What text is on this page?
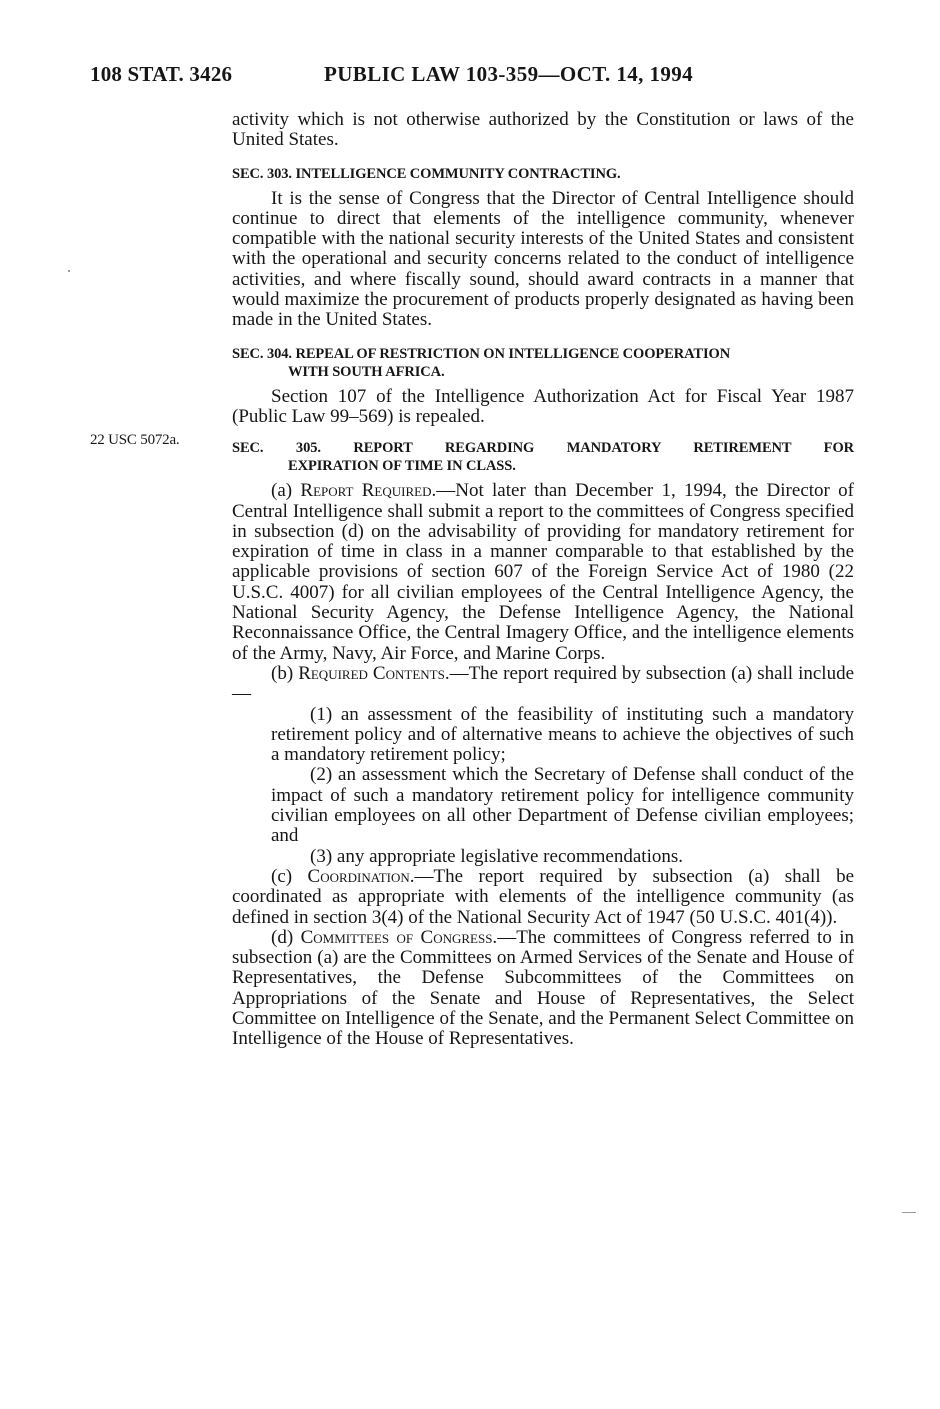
108 STAT. 3426	PUBLIC LAW 103-359—OCT. 14, 1994
22 USC 5072a.

activity which is not otherwise authorized by the Constitution or laws of the United States.

SEC. 303. INTELLIGENCE COMMUNITY CONTRACTING.

It is the sense of Congress that the Director of Central Intelligence should continue to direct that elements of the intelligence community, whenever compatible with the national security interests of the United States and consistent with the operational and security concerns related to the conduct of intelligence activities, and where fiscally sound, should award contracts in a manner that would maximize the procurement of products properly designated as having been made in the United States.

SEC. 304. REPEAL OF RESTRICTION ON INTELLIGENCE COOPERATION
WITH SOUTH AFRICA.

Section 107 of the Intelligence Authorization Act for Fiscal Year 1987 (Public Law 99–569) is repealed.

SEC. 305. REPORT REGARDING MANDATORY RETIREMENT FOR
EXPIRATION OF TIME IN CLASS.

(a) Report Required.—Not later than December 1, 1994, the Director of Central Intelligence shall submit a report to the committees of Congress specified in subsection (d) on the advisability of providing for mandatory retirement for expiration of time in class in a manner comparable to that established by the applicable provisions of section 607 of the Foreign Service Act of 1980 (22 U.S.C. 4007) for all civilian employees of the Central Intelligence Agency, the National Security Agency, the Defense Intelligence Agency, the National Reconnaissance Office, the Central Imagery Office, and the intelligence elements of the Army, Navy, Air Force, and Marine Corps.

(b) Required Contents.—The report required by subsection (a) shall include—

(1) an assessment of the feasibility of instituting such a mandatory retirement policy and of alternative means to achieve the objectives of such a mandatory retirement policy;

(2) an assessment which the Secretary of Defense shall conduct of the impact of such a mandatory retirement policy for intelligence community civilian employees on all other Department of Defense civilian employees; and

(3) any appropriate legislative recommendations.

(c) Coordination.—The report required by subsection (a) shall be coordinated as appropriate with elements of the intelligence community (as defined in section 3(4) of the National Security Act of 1947 (50 U.S.C. 401(4)).

(d) Committees of Congress.—The committees of Congress referred to in subsection (a) are the Committees on Armed Services of the Senate and House of Representatives, the Defense Subcommittees of the Committees on Appropriations of the Senate and House of Representatives, the Select Committee on Intelligence of the Senate, and the Permanent Select Committee on Intelligence of the House of Representatives.
